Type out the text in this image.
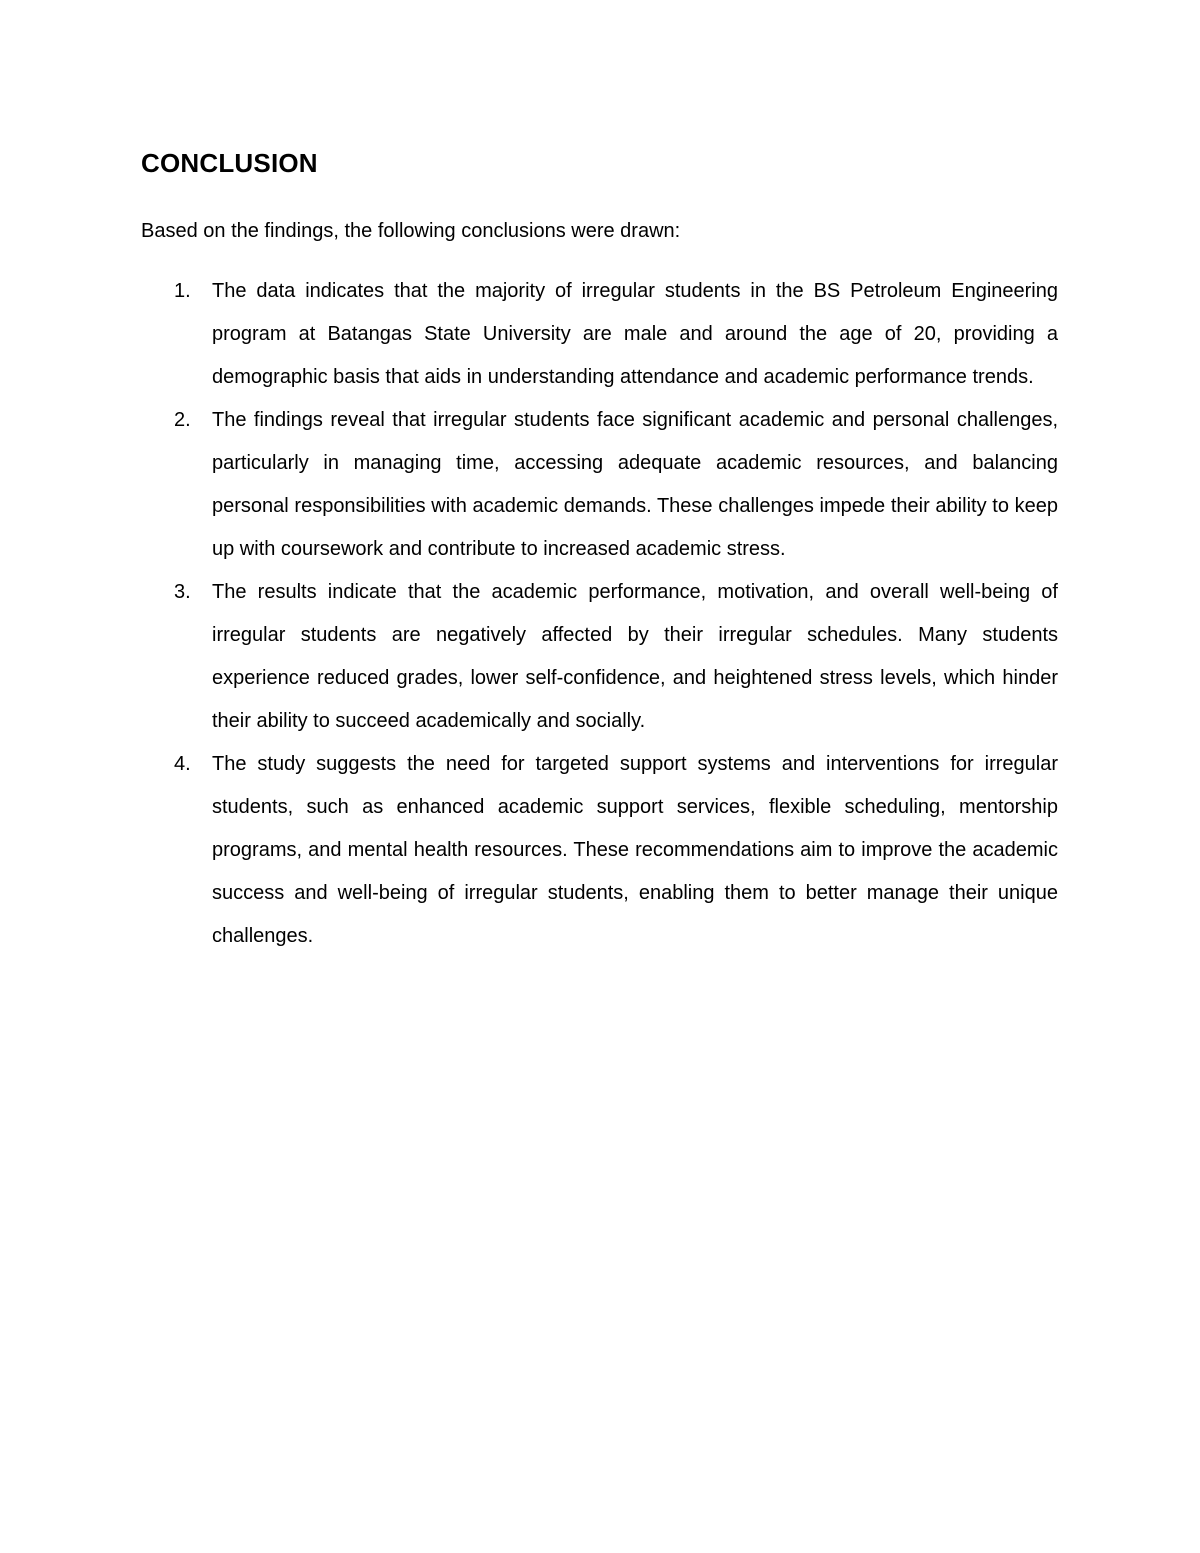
CONCLUSION

Based on the findings, the following conclusions were drawn:

1.	The data indicates that the majority of irregular students in the BS Petroleum Engineering program at Batangas State University are male and around the age of 20, providing a demographic basis that aids in understanding attendance and academic performance trends.
2.	The findings reveal that irregular students face significant academic and personal challenges, particularly in managing time, accessing adequate academic resources, and balancing personal responsibilities with academic demands. These challenges impede their ability to keep up with coursework and contribute to increased academic stress.
3.	The results indicate that the academic performance, motivation, and overall well-being of irregular students are negatively affected by their irregular schedules. Many students experience reduced grades, lower self-confidence, and heightened stress levels, which hinder their ability to succeed academically and socially.
4.	The study suggests the need for targeted support systems and interventions for irregular students, such as enhanced academic support services, flexible scheduling, mentorship programs, and mental health resources. These recommendations aim to improve the academic success and well-being of irregular students, enabling them to better manage their unique challenges.
